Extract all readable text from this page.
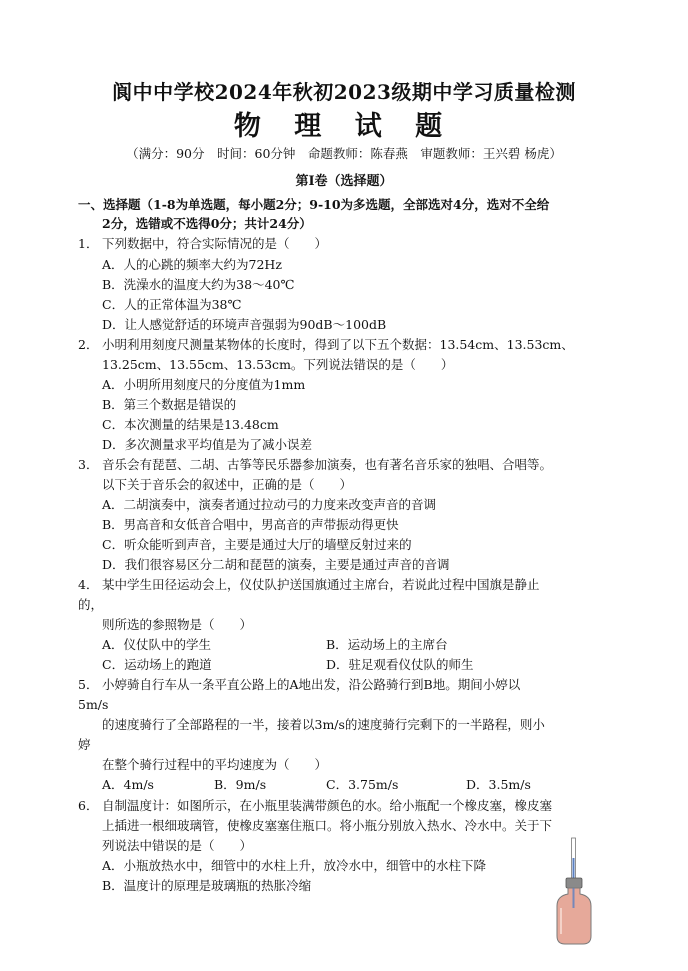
阆中中学校2024年秋初2023级期中学习质量检测
物 理 试 题
（满分：90分　时间：60分钟　命题教师：陈春燕　审题教师：王兴碧 杨虎）
第Ⅰ卷（选择题）
一、选择题（1-8为单选题，每小题2分；9-10为多选题，全部选对4分，选对不全给
2分，选错或不选得0分；共计24分）
1． 下列数据中，符合实际情况的是（　　）
A．人的心跳的频率大约为72Hz
B．洗澡水的温度大约为38～40℃
C．人的正常体温为38℃
D．让人感觉舒适的环境声音强弱为90dB～100dB
2． 小明利用刻度尺测量某物体的长度时，得到了以下五个数据：13.54cm、13.53cm、
13.25cm、13.55cm、13.53cm。下列说法错误的是（　　）
A．小明所用刻度尺的分度值为1mm
B．第三个数据是错误的
C．本次测量的结果是13.48cm
D．多次测量求平均值是为了减小误差
3． 音乐会有琵琶、二胡、古筝等民乐器参加演奏，也有著名音乐家的独唱、合唱等。
以下关于音乐会的叙述中，正确的是（　　）
A．二胡演奏中，演奏者通过拉动弓的力度来改变声音的音调
B．男高音和女低音合唱中，男高音的声带振动得更快
C．听众能听到声音，主要是通过大厅的墙壁反射过来的
D．我们很容易区分二胡和琵琶的演奏，主要是通过声音的音调
4． 某中学生田径运动会上，仪仗队护送国旗通过主席台，若说此过程中国旗是静止
的，
则所选的参照物是（　　）
A．仪仗队中的学生	B．运动场上的主席台
C．运动场上的跑道	D．驻足观看仪仗队的师生
5． 小婷骑自行车从一条平直公路上的A地出发，沿公路骑行到B地。期间小婷以
5m/s
的速度骑行了全部路程的一半，接着以3m/s的速度骑行完剩下的一半路程，则小
婷
在整个骑行过程中的平均速度为（　　）
A．4m/s	B．9m/s	C．3.75m/s	D．3.5m/s
6． 自制温度计：如图所示，在小瓶里装满带颜色的水。给小瓶配一个橡皮塞，橡皮塞
上插进一根细玻璃管，使橡皮塞塞住瓶口。将小瓶分别放入热水、冷水中。关于下
列说法中错误的是（　　）
A．小瓶放热水中，细管中的水柱上升，放冷水中，细管中的水柱下降
B．温度计的原理是玻璃瓶的热胀冷缩
